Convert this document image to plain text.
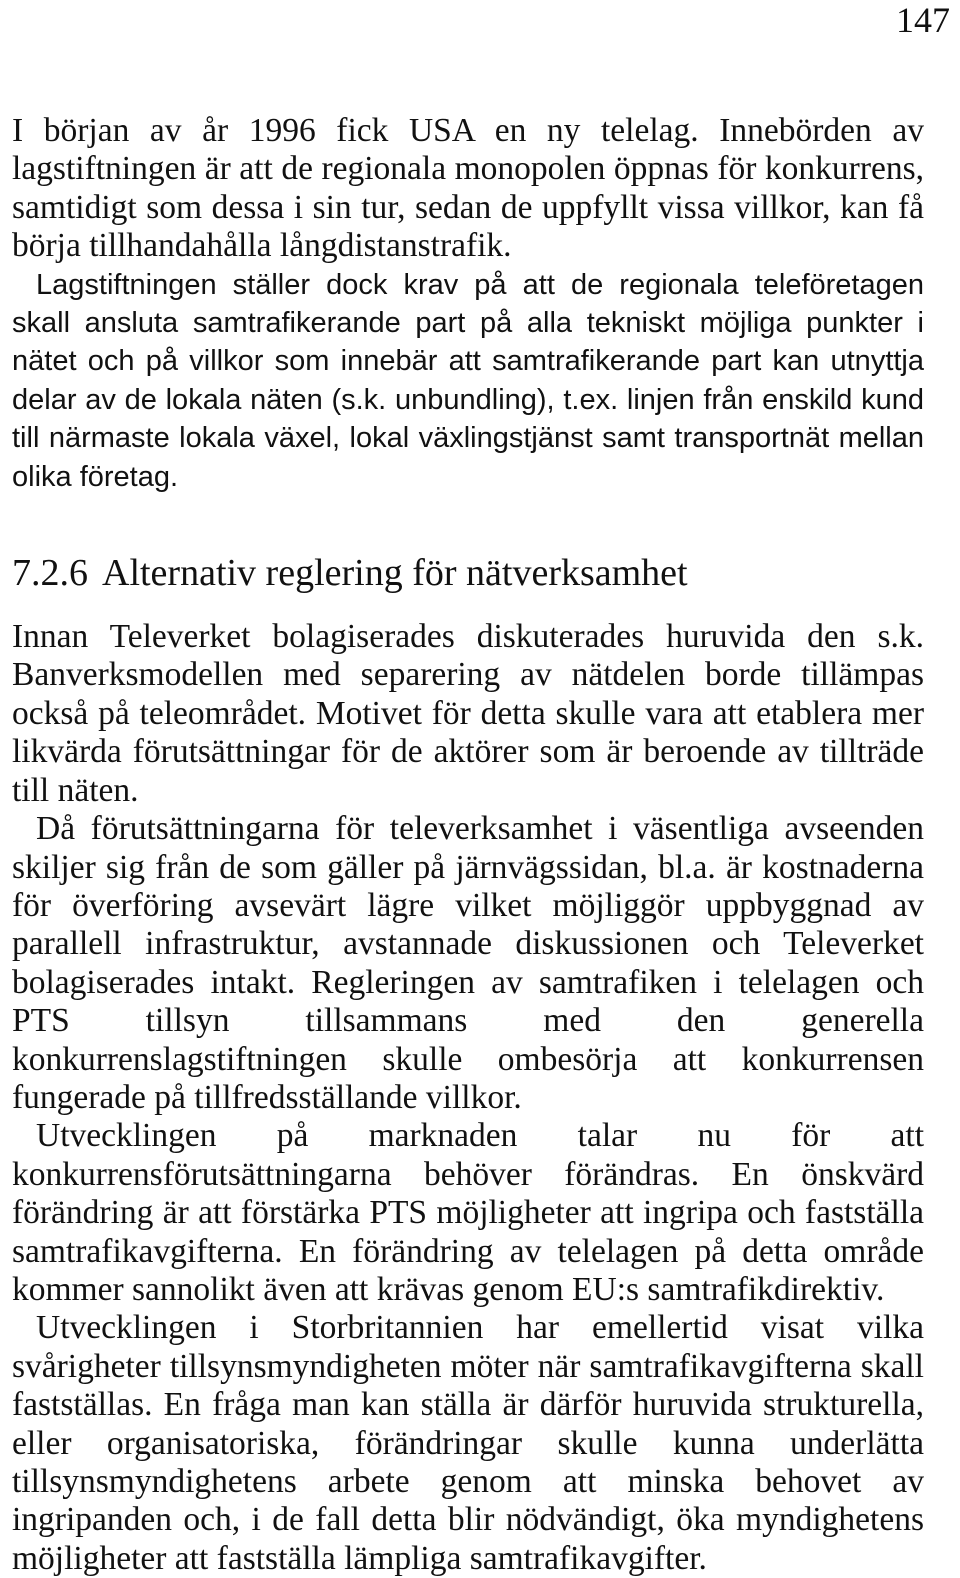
147

I början av år 1996 fick USA en ny telelag. Innebörden av lagstiftningen är att de regionala monopolen öppnas för konkurrens, samtidigt som dessa i sin tur, sedan de uppfyllt vissa villkor, kan få börja tillhandahålla långdistanstrafik.

Lagstiftningen ställer dock krav på att de regionala teleföretagen skall ansluta samtrafikerande part på alla tekniskt möjliga punkter i nätet och på villkor som innebär att samtrafikerande part kan utnyttja delar av de lokala näten (s.k. unbundling), t.ex. linjen från enskild kund till närmaste lokala växel, lokal växlingstjänst samt transportnät mellan olika företag.

7.2.6 Alternativ reglering för nätverksamhet

Innan Televerket bolagiserades diskuterades huruvida den s.k. Banverksmodellen med separering av nätdelen borde tillämpas också på teleområdet. Motivet för detta skulle vara att etablera mer likvärda förutsättningar för de aktörer som är beroende av tillträde till näten.

Då förutsättningarna för televerksamhet i väsentliga avseenden skiljer sig från de som gäller på järnvägssidan, bl.a. är kostnaderna för överföring avsevärt lägre vilket möjliggör uppbyggnad av parallell infrastruktur, avstannade diskussionen och Televerket bolagiserades intakt. Regleringen av samtrafiken i telelagen och PTS tillsyn tillsammans med den generella konkurrenslagstiftningen skulle ombesörja att konkurrensen fungerade på tillfredsställande villkor.

Utvecklingen på marknaden talar nu för att konkurrensförutsättningarna behöver förändras. En önskvärd förändring är att förstärka PTS möjligheter att ingripa och fastställa samtrafikavgifterna. En förändring av telelagen på detta område kommer sannolikt även att krävas genom EU:s samtrafikdirektiv.

Utvecklingen i Storbritannien har emellertid visat vilka svårigheter tillsynsmyndigheten möter när samtrafikavgifterna skall fastställas. En fråga man kan ställa är därför huruvida strukturella, eller organisatoriska, förändringar skulle kunna underlätta tillsynsmyndighetens arbete genom att minska behovet av ingripanden och, i de fall detta blir nödvändigt, öka myndighetens möjligheter att fastställa lämpliga samtrafikavgifter.
